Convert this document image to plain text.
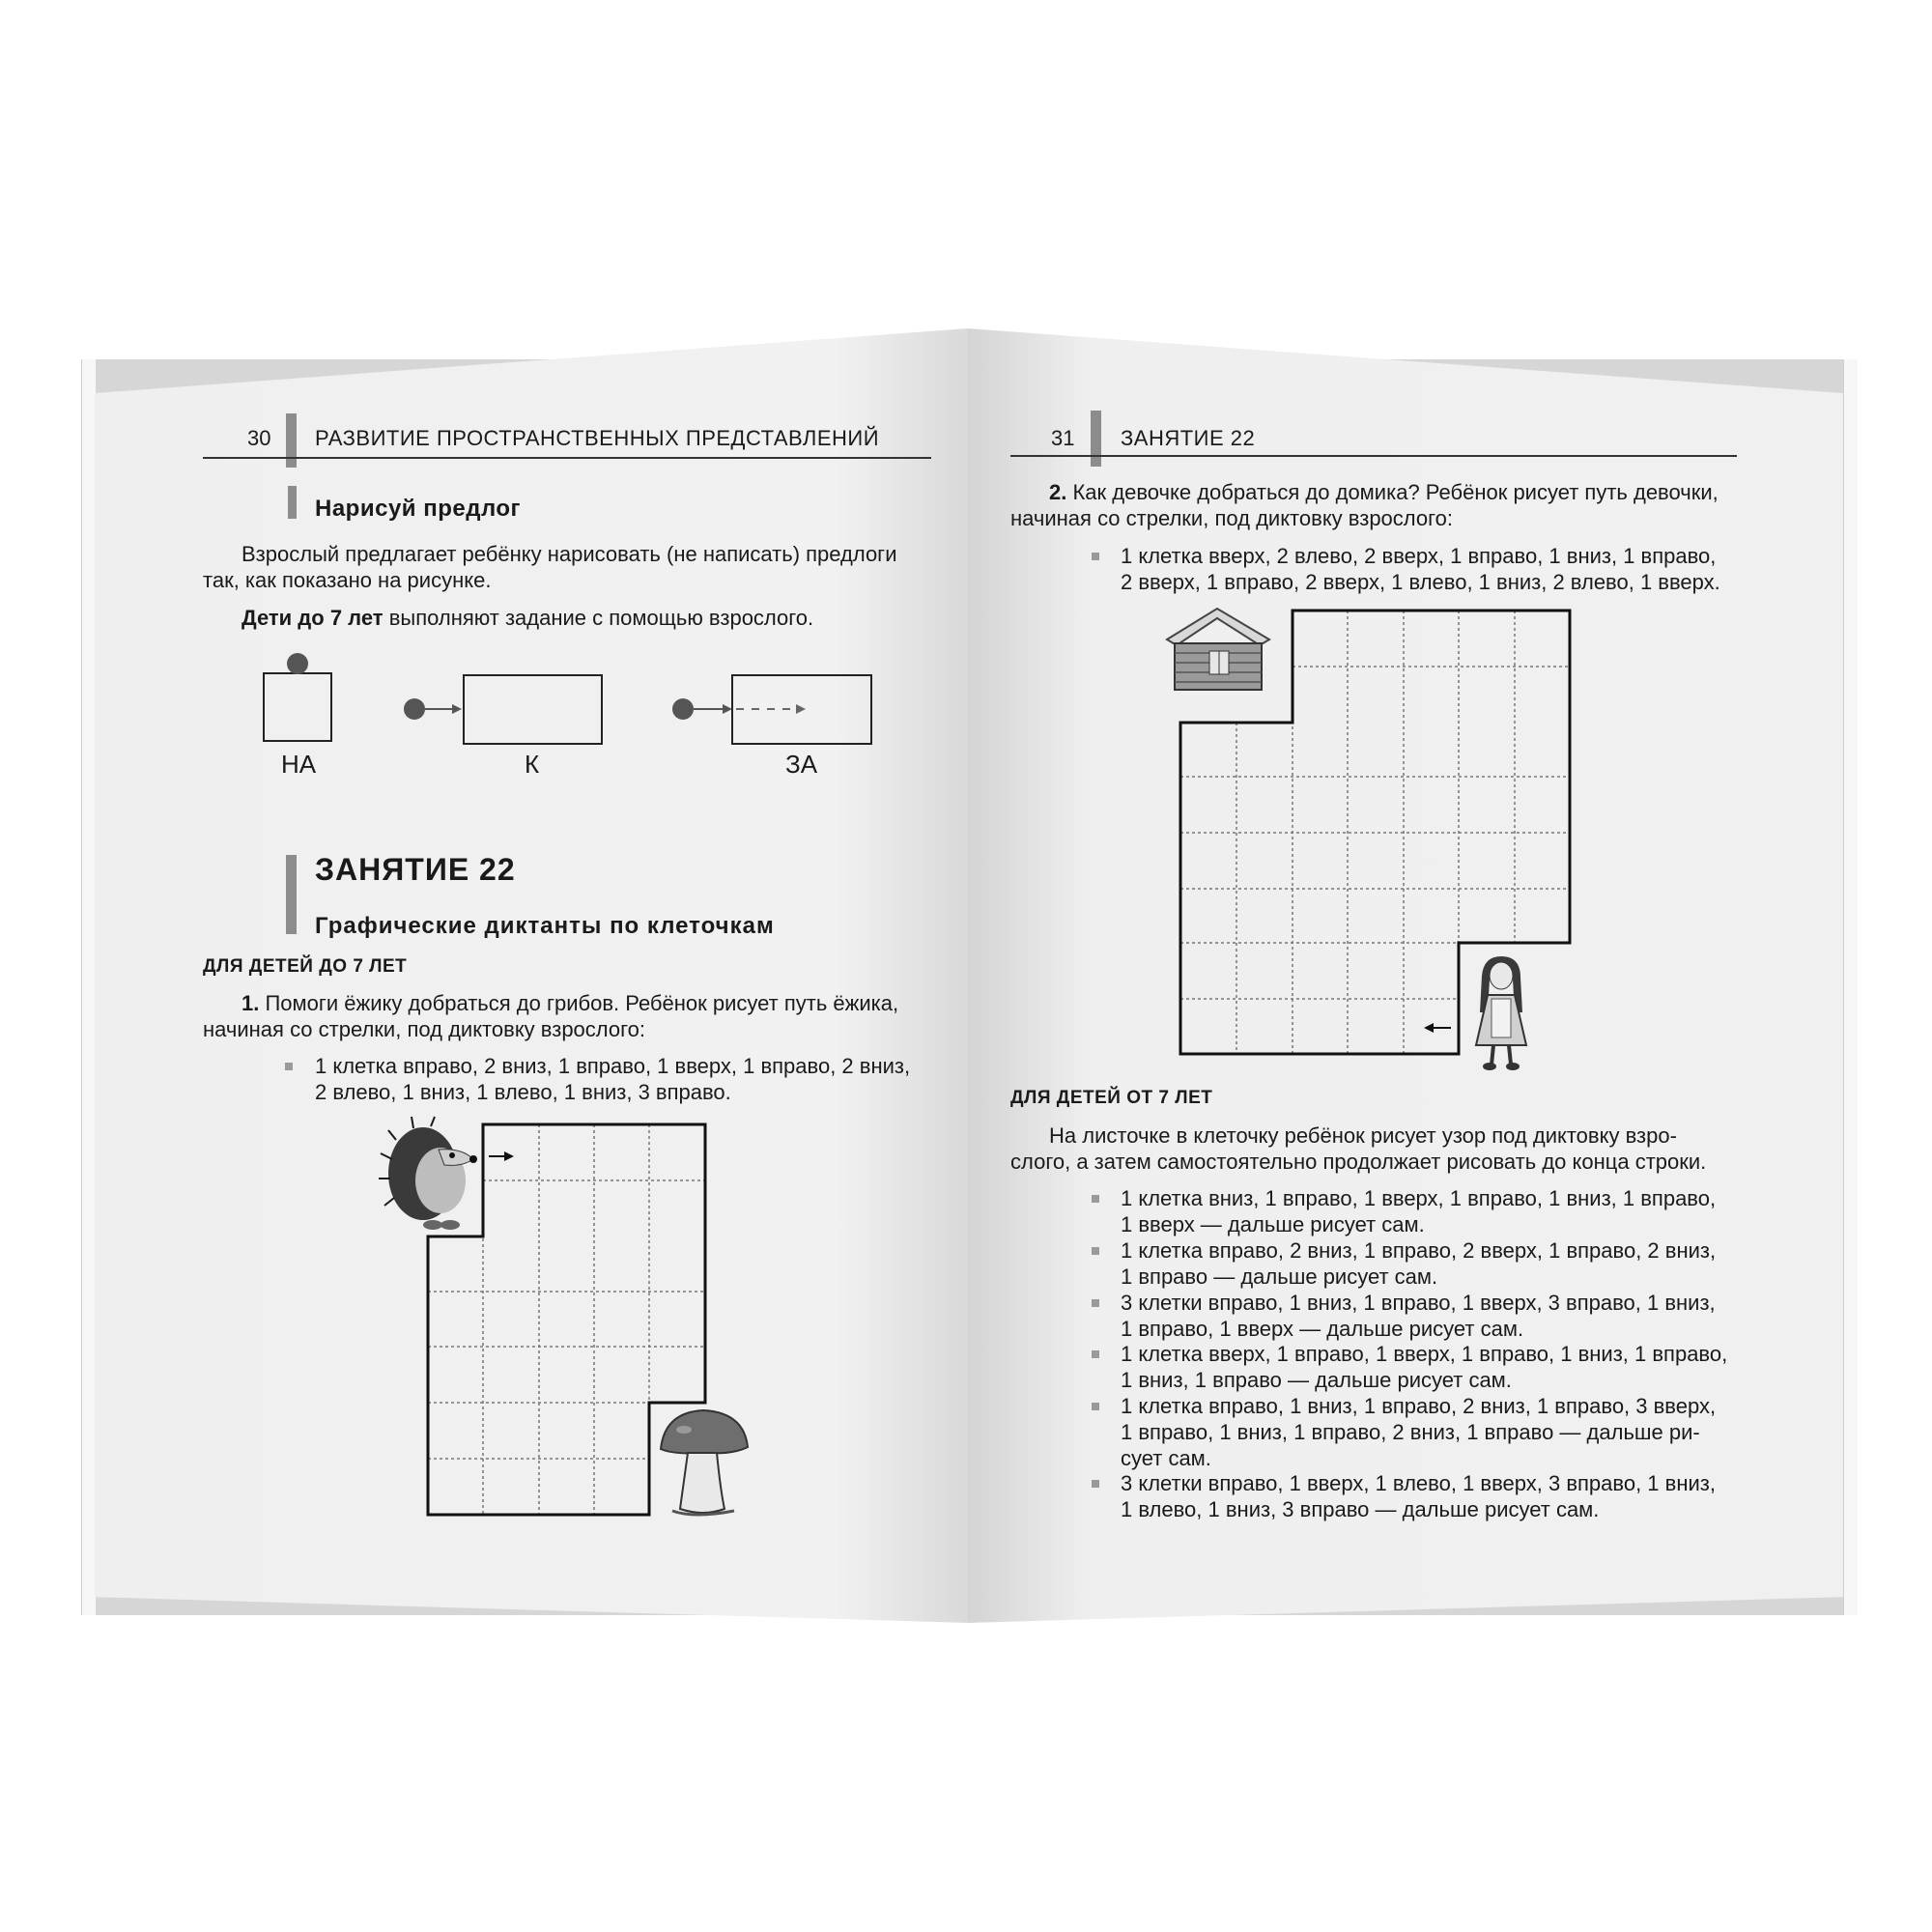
30 РАЗВИТИЕ ПРОСТРАНСТВЕННЫХ ПРЕДСТАВЛЕНИЙ
Нарисуй предлог
Взрослый предлагает ребёнку нарисовать (не написать) предлоги
так, как показано на рисунке.
Дети до 7 лет выполняют задание с помощью взрослого.
НА	К	ЗА
ЗАНЯТИЕ 22
Графические диктанты по клеточкам
ДЛЯ ДЕТЕЙ ДО 7 ЛЕТ
1. Помоги ёжику добраться до грибов. Ребёнок рисует путь ёжика,
начиная со стрелки, под диктовку взрослого:
1 клетка вправо, 2 вниз, 1 вправо, 1 вверх, 1 вправо, 2 вниз,
2 влево, 1 вниз, 1 влево, 1 вниз, 3 вправо.
31 ЗАНЯТИЕ 22
2. Как девочке добраться до домика? Ребёнок рисует путь девочки,
начиная со стрелки, под диктовку взрослого:
1 клетка вверх, 2 влево, 2 вверх, 1 вправо, 1 вниз, 1 вправо,
2 вверх, 1 вправо, 2 вверх, 1 влево, 1 вниз, 2 влево, 1 вверх.
ДЛЯ ДЕТЕЙ ОТ 7 ЛЕТ
На листочке в клеточку ребёнок рисует узор под диктовку взро-
слого, а затем самостоятельно продолжает рисовать до конца строки.
1 клетка вниз, 1 вправо, 1 вверх, 1 вправо, 1 вниз, 1 вправо,
1 вверх — дальше рисует сам.
1 клетка вправо, 2 вниз, 1 вправо, 2 вверх, 1 вправо, 2 вниз,
1 вправо — дальше рисует сам.
3 клетки вправо, 1 вниз, 1 вправо, 1 вверх, 3 вправо, 1 вниз,
1 вправо, 1 вверх — дальше рисует сам.
1 клетка вверх, 1 вправо, 1 вверх, 1 вправо, 1 вниз, 1 вправо,
1 вниз, 1 вправо — дальше рисует сам.
1 клетка вправо, 1 вниз, 1 вправо, 2 вниз, 1 вправо, 3 вверх,
1 вправо, 1 вниз, 1 вправо, 2 вниз, 1 вправо — дальше ри-
сует сам.
3 клетки вправо, 1 вверх, 1 влево, 1 вверх, 3 вправо, 1 вниз,
1 влево, 1 вниз, 3 вправо — дальше рисует сам.
